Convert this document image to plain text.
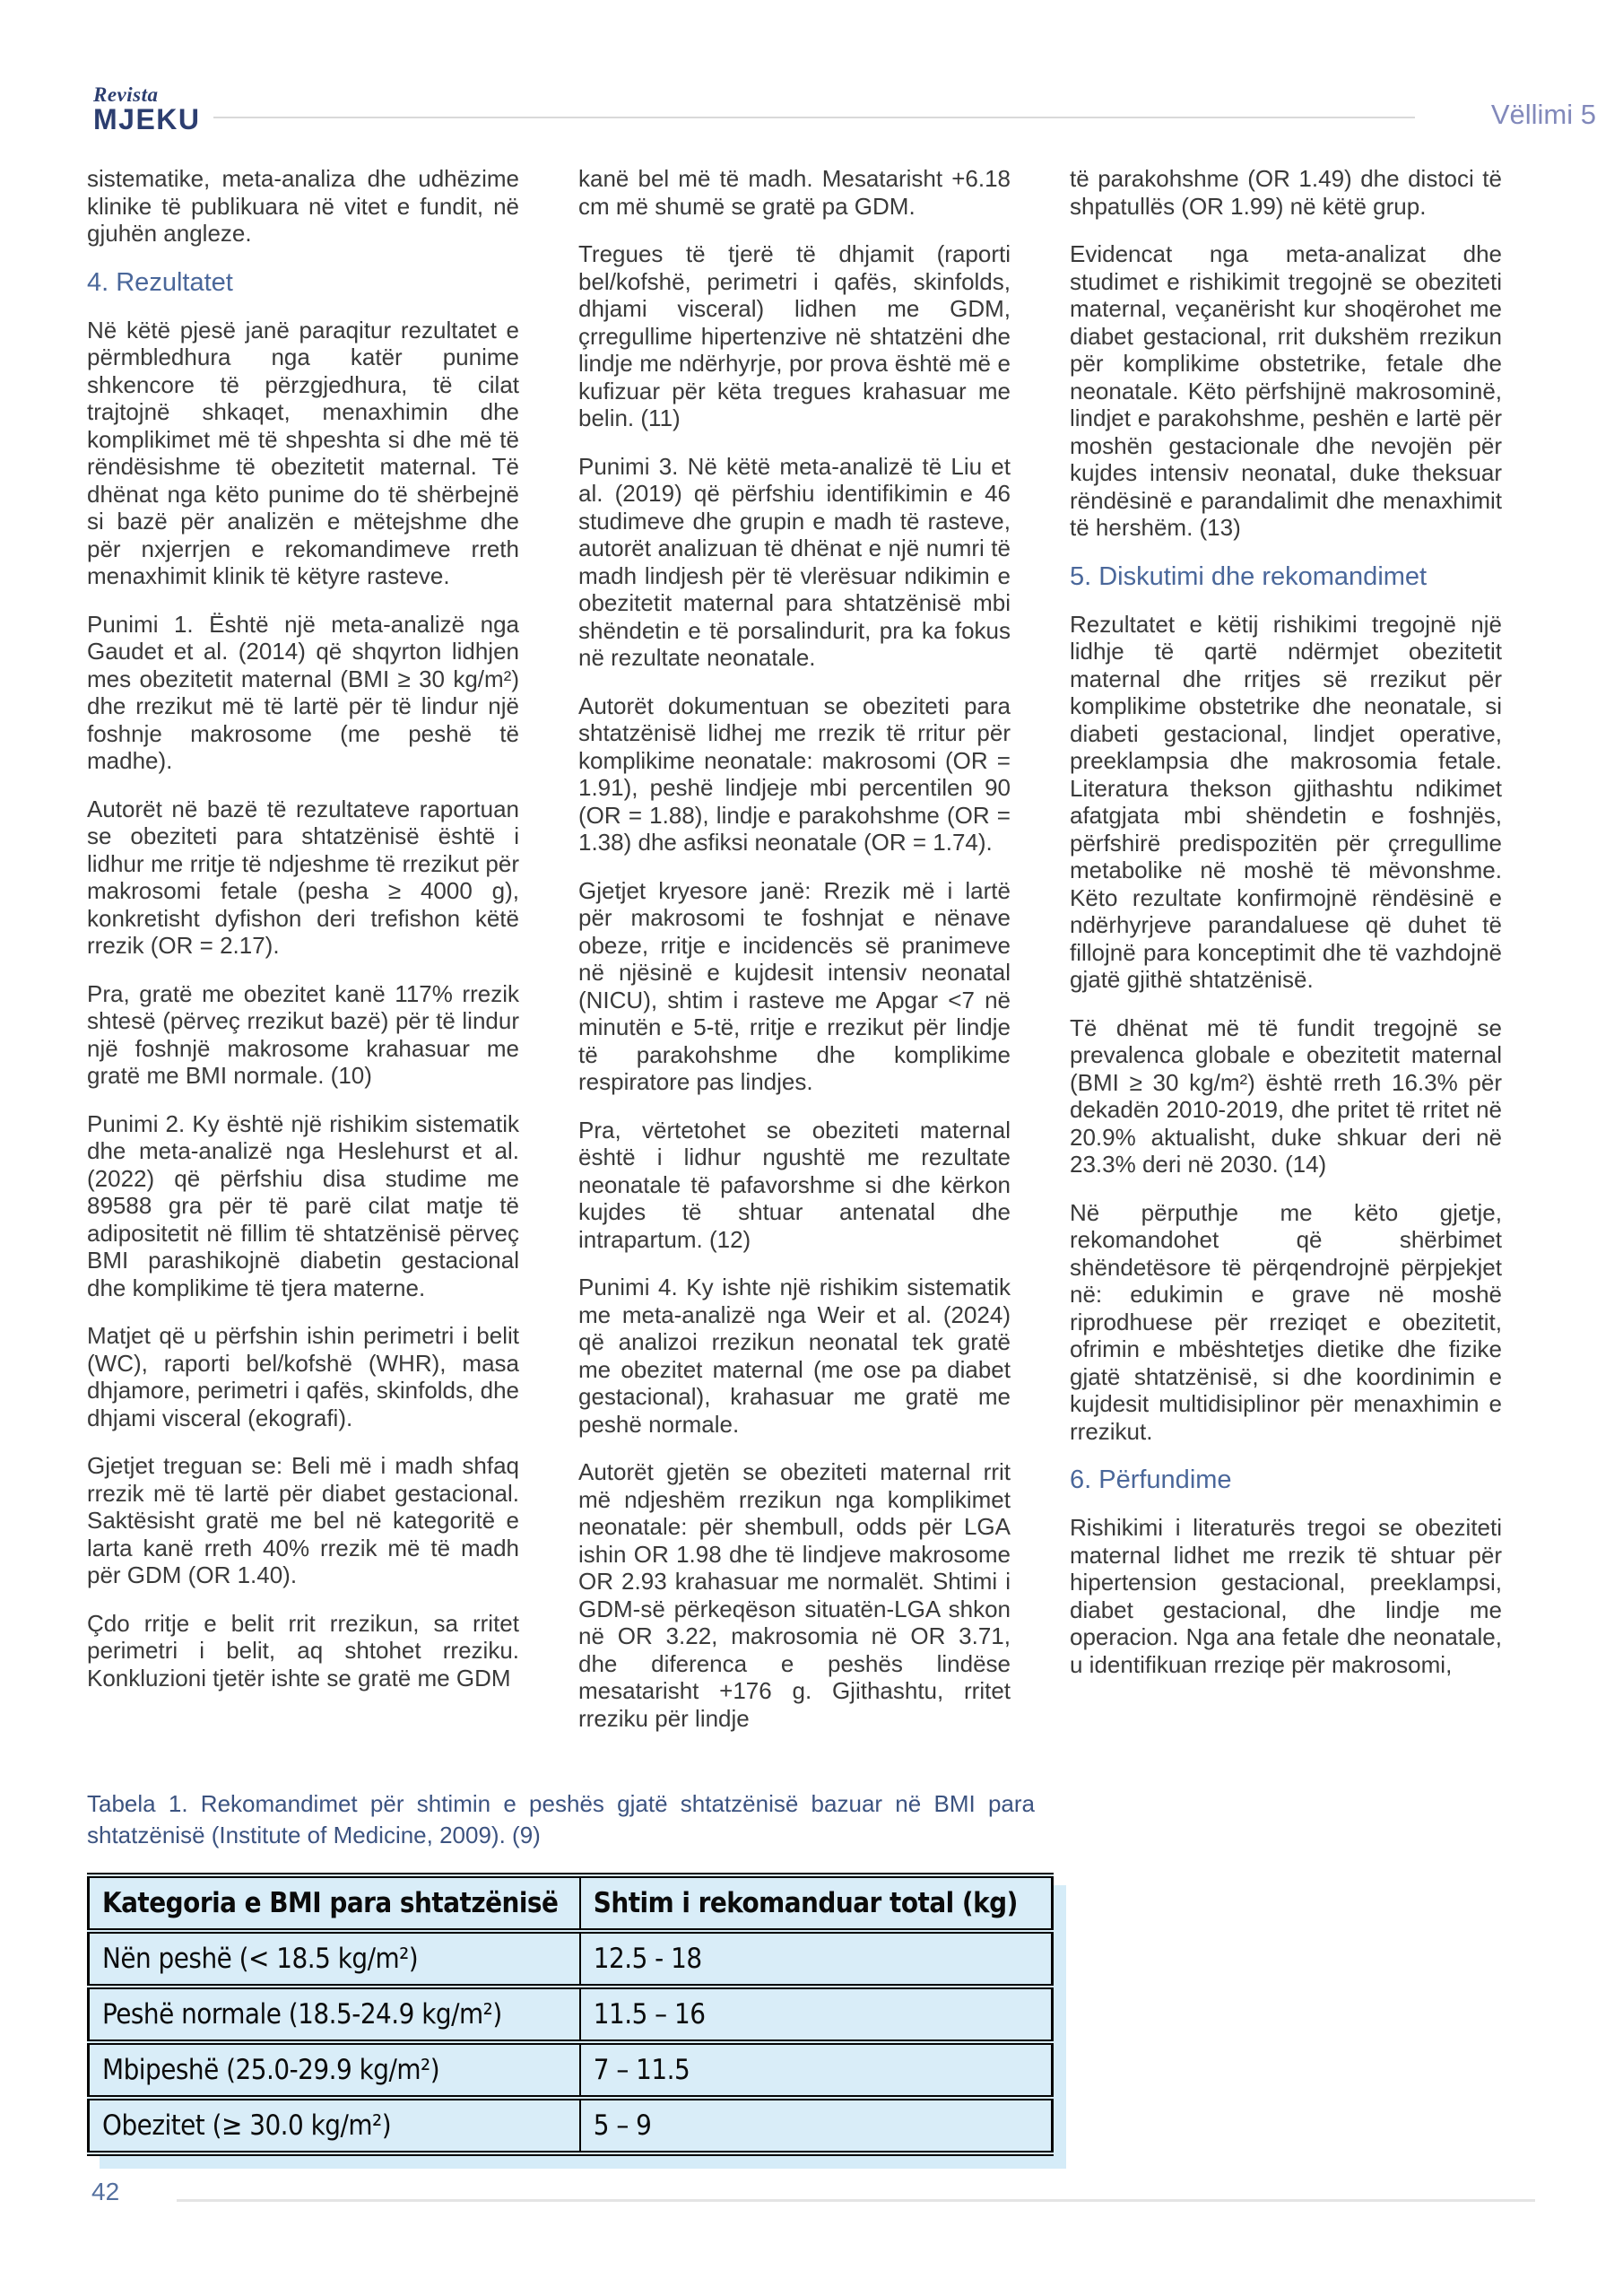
Revista
MJEKU	Vëllimi 5

sistematike, meta-analiza dhe udhëzime klinike të publikuara në vitet e fundit, në gjuhën angleze.

4. Rezultatet

Në këtë pjesë janë paraqitur rezultatet e përmbledhura nga katër punime shkencore të përzgjedhura, të cilat trajtojnë shkaqet, menaxhimin dhe komplikimet më të shpeshta si dhe më të rëndësishme të obezitetit maternal. Të dhënat nga këto punime do të shërbejnë si bazë për analizën e mëtejshme dhe për nxjerrjen e rekomandimeve rreth menaxhimit klinik të këtyre rasteve.

Punimi 1. Është një meta-analizë nga Gaudet et al. (2014) që shqyrton lidhjen mes obezitetit maternal (BMI ≥ 30 kg/m²) dhe rrezikut më të lartë për të lindur një foshnje makrosome (me peshë të madhe).

Autorët në bazë të rezultateve raportuan se obeziteti para shtatzënisë është i lidhur me rritje të ndjeshme të rrezikut për makrosomi fetale (pesha ≥ 4000 g), konkretisht dyfishon deri trefishon këtë rrezik (OR = 2.17).

Pra, gratë me obezitet kanë 117% rrezik shtesë (përveç rrezikut bazë) për të lindur një foshnjë makrosome krahasuar me gratë me BMI normale. (10)

Punimi 2. Ky është një rishikim sistematik dhe meta-analizë nga Heslehurst et al. (2022) që përfshiu disa studime me 89588 gra për të parë cilat matje të adipositetit në fillim të shtatzënisë përveç BMI parashikojnë diabetin gestacional dhe komplikime të tjera materne.

Matjet që u përfshin ishin perimetri i belit (WC), raporti bel/kofshë (WHR), masa dhjamore, perimetri i qafës, skinfolds, dhe dhjami visceral (ekografi).

Gjetjet treguan se: Beli më i madh shfaq rrezik më të lartë për diabet gestacional. Saktësisht gratë me bel në kategoritë e larta kanë rreth 40% rrezik më të madh për GDM (OR 1.40).

Çdo rritje e belit rrit rrezikun, sa rritet perimetri i belit, aq shtohet rreziku. Konkluzioni tjetër ishte se gratë me GDM

kanë bel më të madh. Mesatarisht +6.18 cm më shumë se gratë pa GDM.

Tregues të tjerë të dhjamit (raporti bel/kofshë, perimetri i qafës, skinfolds, dhjami visceral) lidhen me GDM, çrregullime hipertenzive në shtatzëni dhe lindje me ndërhyrje, por prova është më e kufizuar për këta tregues krahasuar me belin. (11)

Punimi 3. Në këtë meta-analizë të Liu et al. (2019) që përfshiu identifikimin e 46 studimeve dhe grupin e madh të rasteve, autorët analizuan të dhënat e një numri të madh lindjesh për të vlerësuar ndikimin e obezitetit maternal para shtatzënisë mbi shëndetin e të porsalindurit, pra ka fokus në rezultate neonatale.

Autorët dokumentuan se obeziteti para shtatzënisë lidhej me rrezik të rritur për komplikime neonatale: makrosomi (OR = 1.91), peshë lindjeje mbi percentilen 90 (OR = 1.88), lindje e parakohshme (OR = 1.38) dhe asfiksi neonatale (OR = 1.74).

Gjetjet kryesore janë: Rrezik më i lartë për makrosomi te foshnjat e nënave obeze, rritje e incidencës së pranimeve në njësinë e kujdesit intensiv neonatal (NICU), shtim i rasteve me Apgar <7 në minutën e 5-të, rritje e rrezikut për lindje të parakohshme dhe komplikime respiratore pas lindjes.

Pra, vërtetohet se obeziteti maternal është i lidhur ngushtë me rezultate neonatale të pafavorshme si dhe kërkon kujdes të shtuar antenatal dhe intrapartum. (12)

Punimi 4. Ky ishte një rishikim sistematik me meta-analizë nga Weir et al. (2024) që analizoi rrezikun neonatal tek gratë me obezitet maternal (me ose pa diabet gestacional), krahasuar me gratë me peshë normale.

Autorët gjetën se obeziteti maternal rrit më ndjeshëm rrezikun nga komplikimet neonatale: për shembull, odds për LGA ishin OR 1.98 dhe të lindjeve makrosome OR 2.93 krahasuar me normalët. Shtimi i GDM-së përkeqëson situatën-LGA shkon në OR 3.22, makrosomia në OR 3.71, dhe diferenca e peshës lindëse mesatarisht +176 g. Gjithashtu, rritet rreziku për lindje

të parakohshme (OR 1.49) dhe distoci të shpatullës (OR 1.99) në këtë grup.

Evidencat nga meta-analizat dhe studimet e rishikimit tregojnë se obeziteti maternal, veçanërisht kur shoqërohet me diabet gestacional, rrit dukshëm rrezikun për komplikime obstetrike, fetale dhe neonatale. Këto përfshijnë makrosominë, lindjet e parakohshme, peshën e lartë për moshën gestacionale dhe nevojën për kujdes intensiv neonatal, duke theksuar rëndësinë e parandalimit dhe menaxhimit të hershëm. (13)

5. Diskutimi dhe rekomandimet

Rezultatet e këtij rishikimi tregojnë një lidhje të qartë ndërmjet obezitetit maternal dhe rritjes së rrezikut për komplikime obstetrike dhe neonatale, si diabeti gestacional, lindjet operative, preeklampsia dhe makrosomia fetale. Literatura thekson gjithashtu ndikimet afatgjata mbi shëndetin e foshnjës, përfshirë predispozitën për çrregullime metabolike në moshë të mëvonshme. Këto rezultate konfirmojnë rëndësinë e ndërhyrjeve parandaluese që duhet të fillojnë para konceptimit dhe të vazhdojnë gjatë gjithë shtatzënisë.

Të dhënat më të fundit tregojnë se prevalenca globale e obezitetit maternal (BMI ≥ 30 kg/m²) është rreth 16.3% për dekadën 2010-2019, dhe pritet të rritet në 20.9% aktualisht, duke shkuar deri në 23.3% deri në 2030. (14)

Në përputhje me këto gjetje, rekomandohet që shërbimet shëndetësore të përqendrojnë përpjekjet në: edukimin e grave në moshë riprodhuese për rreziqet e obezitetit, ofrimin e mbështetjes dietike dhe fizike gjatë shtatzënisë, si dhe koordinimin e kujdesit multidisiplinor për menaxhimin e rrezikut.

6. Përfundime

Rishikimi i literaturës tregoi se obeziteti maternal lidhet me rrezik të shtuar për hipertension gestacional, preeklampsi, diabet gestacional, dhe lindje me operacion. Nga ana fetale dhe neonatale, u identifikuan rreziqe për makrosomi,

Tabela 1. Rekomandimet për shtimin e peshës gjatë shtatzënisë bazuar në BMI para shtatzënisë (Institute of Medicine, 2009). (9)
Kategoria e BMI para shtatzënisë	Shtim i rekomanduar total (kg)
Nën peshë (< 18.5 kg/m²)	12.5 - 18
Peshë normale (18.5-24.9 kg/m²)	11.5 – 16
Mbipeshë (25.0-29.9 kg/m²)	7 – 11.5
Obezitet (≥ 30.0 kg/m²)	5 – 9
42
